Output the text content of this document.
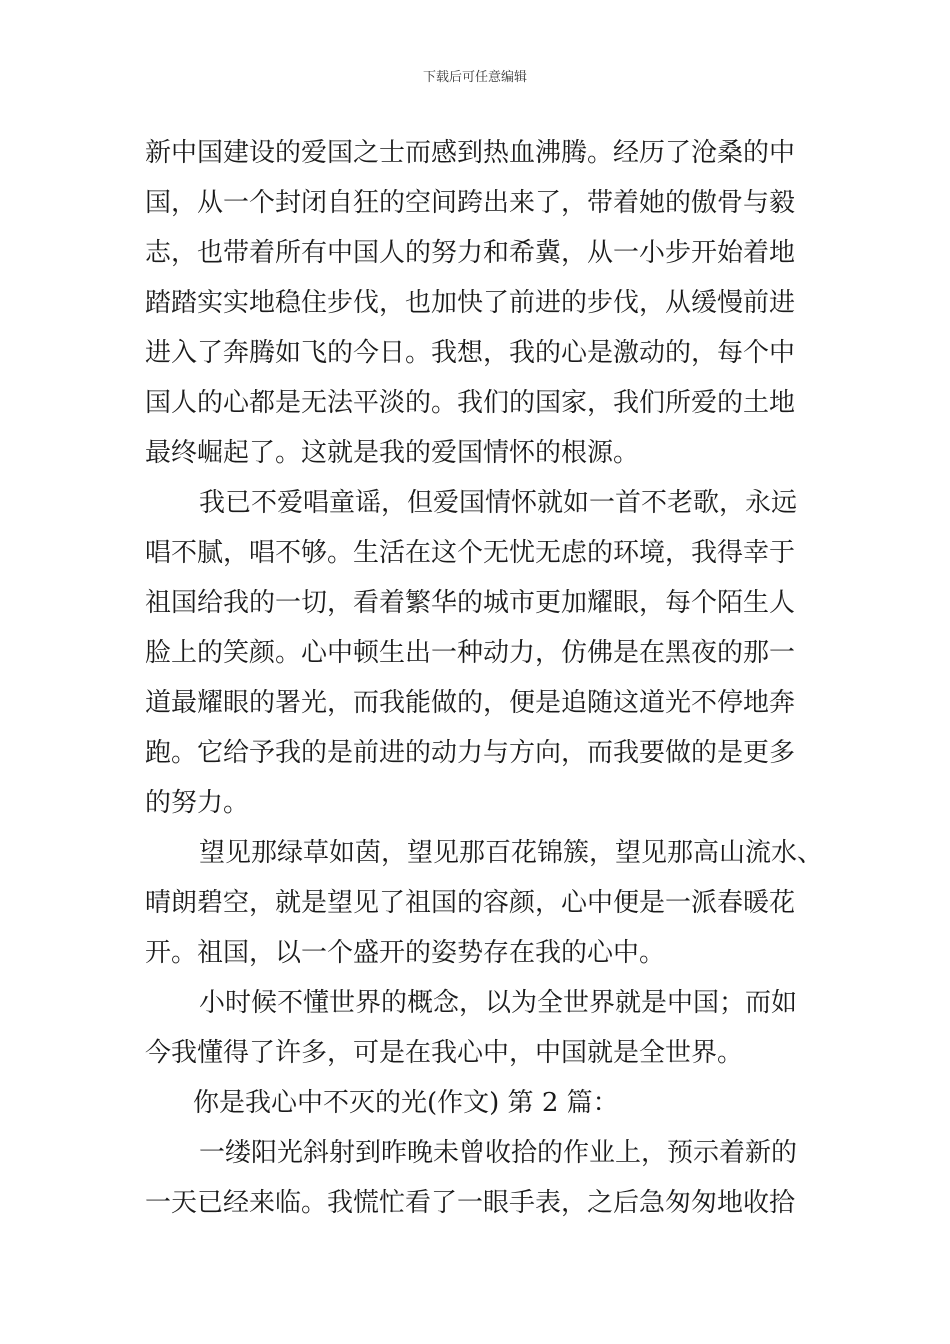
下载后可任意编辑
新中国建设的爱国之士而感到热血沸腾。经历了沧桑的中
国，从一个封闭自狂的空间跨出来了，带着她的傲骨与毅
志，也带着所有中国人的努力和希冀，从一小步开始着地
踏踏实实地稳住步伐，也加快了前进的步伐，从缓慢前进
进入了奔腾如飞的今日。我想，我的心是激动的，每个中
国人的心都是无法平淡的。我们的国家，我们所爱的土地
最终崛起了。这就是我的爱国情怀的根源。
我已不爱唱童谣，但爱国情怀就如一首不老歌，永远
唱不腻，唱不够。生活在这个无忧无虑的环境，我得幸于
祖国给我的一切，看着繁华的城市更加耀眼，每个陌生人
脸上的笑颜。心中顿生出一种动力，仿佛是在黑夜的那一
道最耀眼的署光，而我能做的，便是追随这道光不停地奔
跑。它给予我的是前进的动力与方向，而我要做的是更多
的努力。
望见那绿草如茵，望见那百花锦簇，望见那高山流水、
晴朗碧空，就是望见了祖国的容颜，心中便是一派春暖花
开。祖国，以一个盛开的姿势存在我的心中。
小时候不懂世界的概念，以为全世界就是中国；而如
今我懂得了许多，可是在我心中，中国就是全世界。
你是我心中不灭的光(作文) 第 2 篇：
一缕阳光斜射到昨晚未曾收拾的作业上，预示着新的
一天已经来临。我慌忙看了一眼手表，之后急匆匆地收拾
